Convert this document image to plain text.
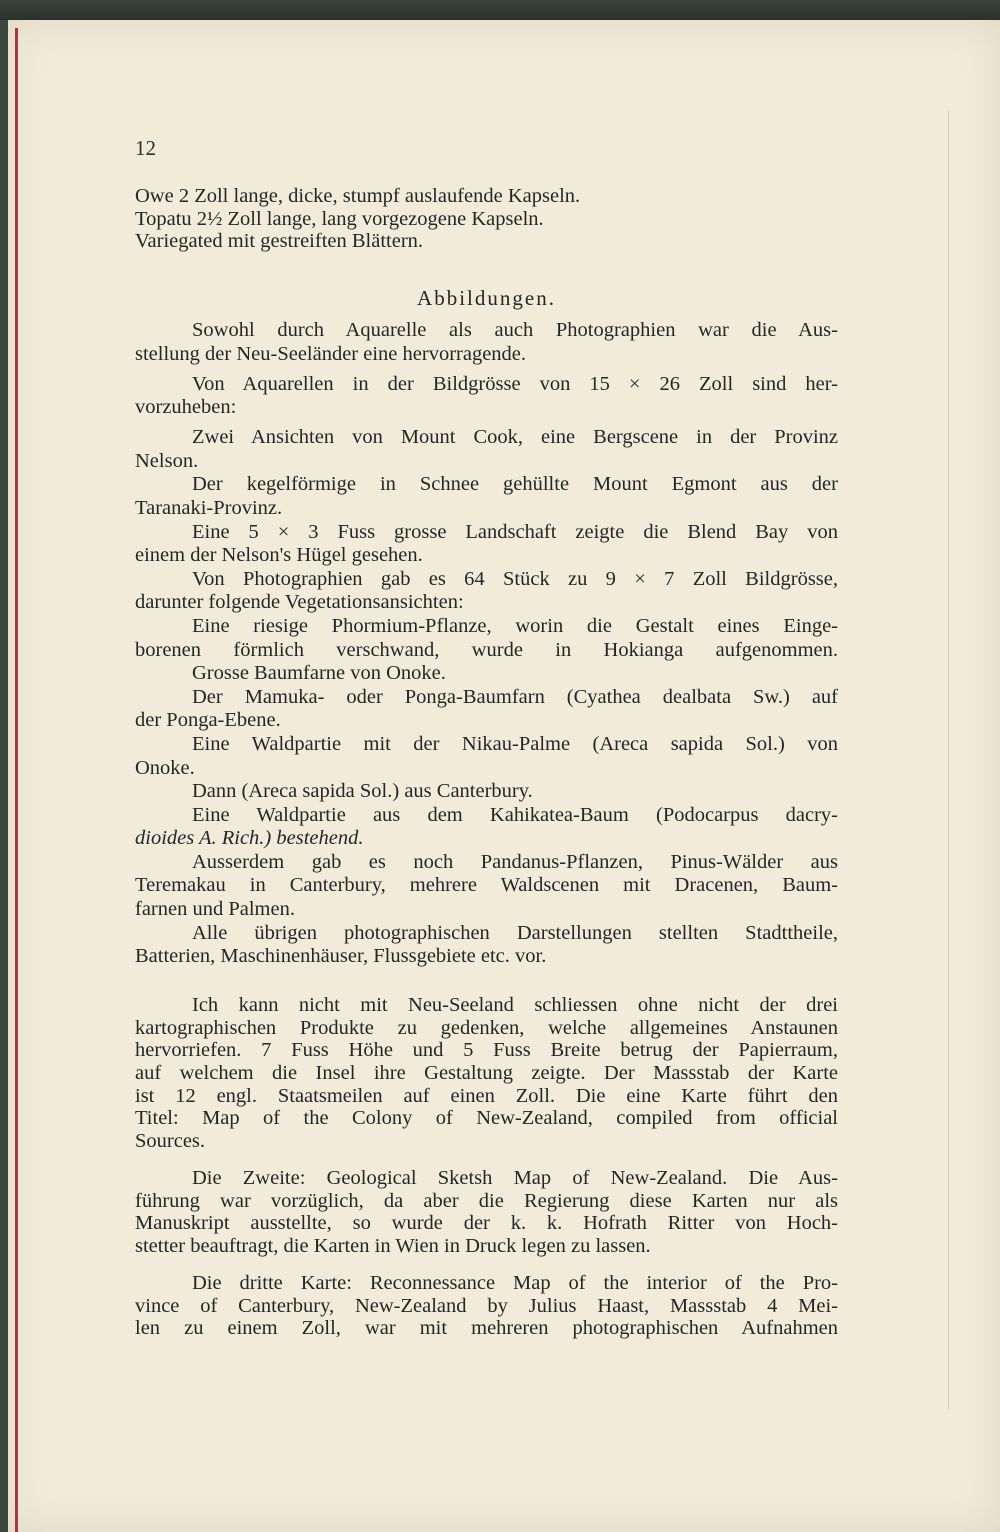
12
Owe 2 Zoll lange, dicke, stumpf auslaufende Kapseln.
Topatu 2½ Zoll lange, lang vorgezogene Kapseln.
Variegated mit gestreiften Blättern.
Abbildungen.
Sowohl durch Aquarelle als auch Photographien war die Aus-
stellung der Neu-Seeländer eine hervorragende.
Von Aquarellen in der Bildgrösse von 15 × 26 Zoll sind her-
vorzuheben:
Zwei Ansichten von Mount Cook, eine Bergscene in der Provinz
Nelson.
Der kegelförmige in Schnee gehüllte Mount Egmont aus der
Taranaki-Provinz.
Eine 5 × 3 Fuss grosse Landschaft zeigte die Blend Bay von
einem der Nelson's Hügel gesehen.
Von Photographien gab es 64 Stück zu 9 × 7 Zoll Bildgrösse,
darunter folgende Vegetationsansichten:
Eine riesige Phormium-Pflanze, worin die Gestalt eines Einge-
borenen förmlich verschwand, wurde in Hokianga aufgenommen.
Grosse Baumfarne von Onoke.
Der Mamuka- oder Ponga-Baumfarn (Cyathea dealbata Sw.) auf
der Ponga-Ebene.
Eine Waldpartie mit der Nikau-Palme (Areca sapida Sol.) von
Onoke.
Dann (Areca sapida Sol.) aus Canterbury.
Eine Waldpartie aus dem Kahikatea-Baum (Podocarpus dacry-
dioides A. Rich.) bestehend.
Ausserdem gab es noch Pandanus-Pflanzen, Pinus-Wälder aus
Teremakau in Canterbury, mehrere Waldscenen mit Dracenen, Baum-
farnen und Palmen.
Alle übrigen photographischen Darstellungen stellten Stadttheile,
Batterien, Maschinenhäuser, Flussgebiete etc. vor.
Ich kann nicht mit Neu-Seeland schliessen ohne nicht der drei
kartographischen Produkte zu gedenken, welche allgemeines Anstaunen
hervorriefen. 7 Fuss Höhe und 5 Fuss Breite betrug der Papierraum,
auf welchem die Insel ihre Gestaltung zeigte. Der Massstab der Karte
ist 12 engl. Staatsmeilen auf einen Zoll. Die eine Karte führt den
Titel: Map of the Colony of New-Zealand, compiled from official
Sources.
Die Zweite: Geological Sketsh Map of New-Zealand. Die Aus-
führung war vorzüglich, da aber die Regierung diese Karten nur als
Manuskript ausstellte, so wurde der k. k. Hofrath Ritter von Hoch-
stetter beauftragt, die Karten in Wien in Druck legen zu lassen.
Die dritte Karte: Reconnessance Map of the interior of the Pro-
vince of Canterbury, New-Zealand by Julius Haast, Massstab 4 Mei-
len zu einem Zoll, war mit mehreren photographischen Aufnahmen
